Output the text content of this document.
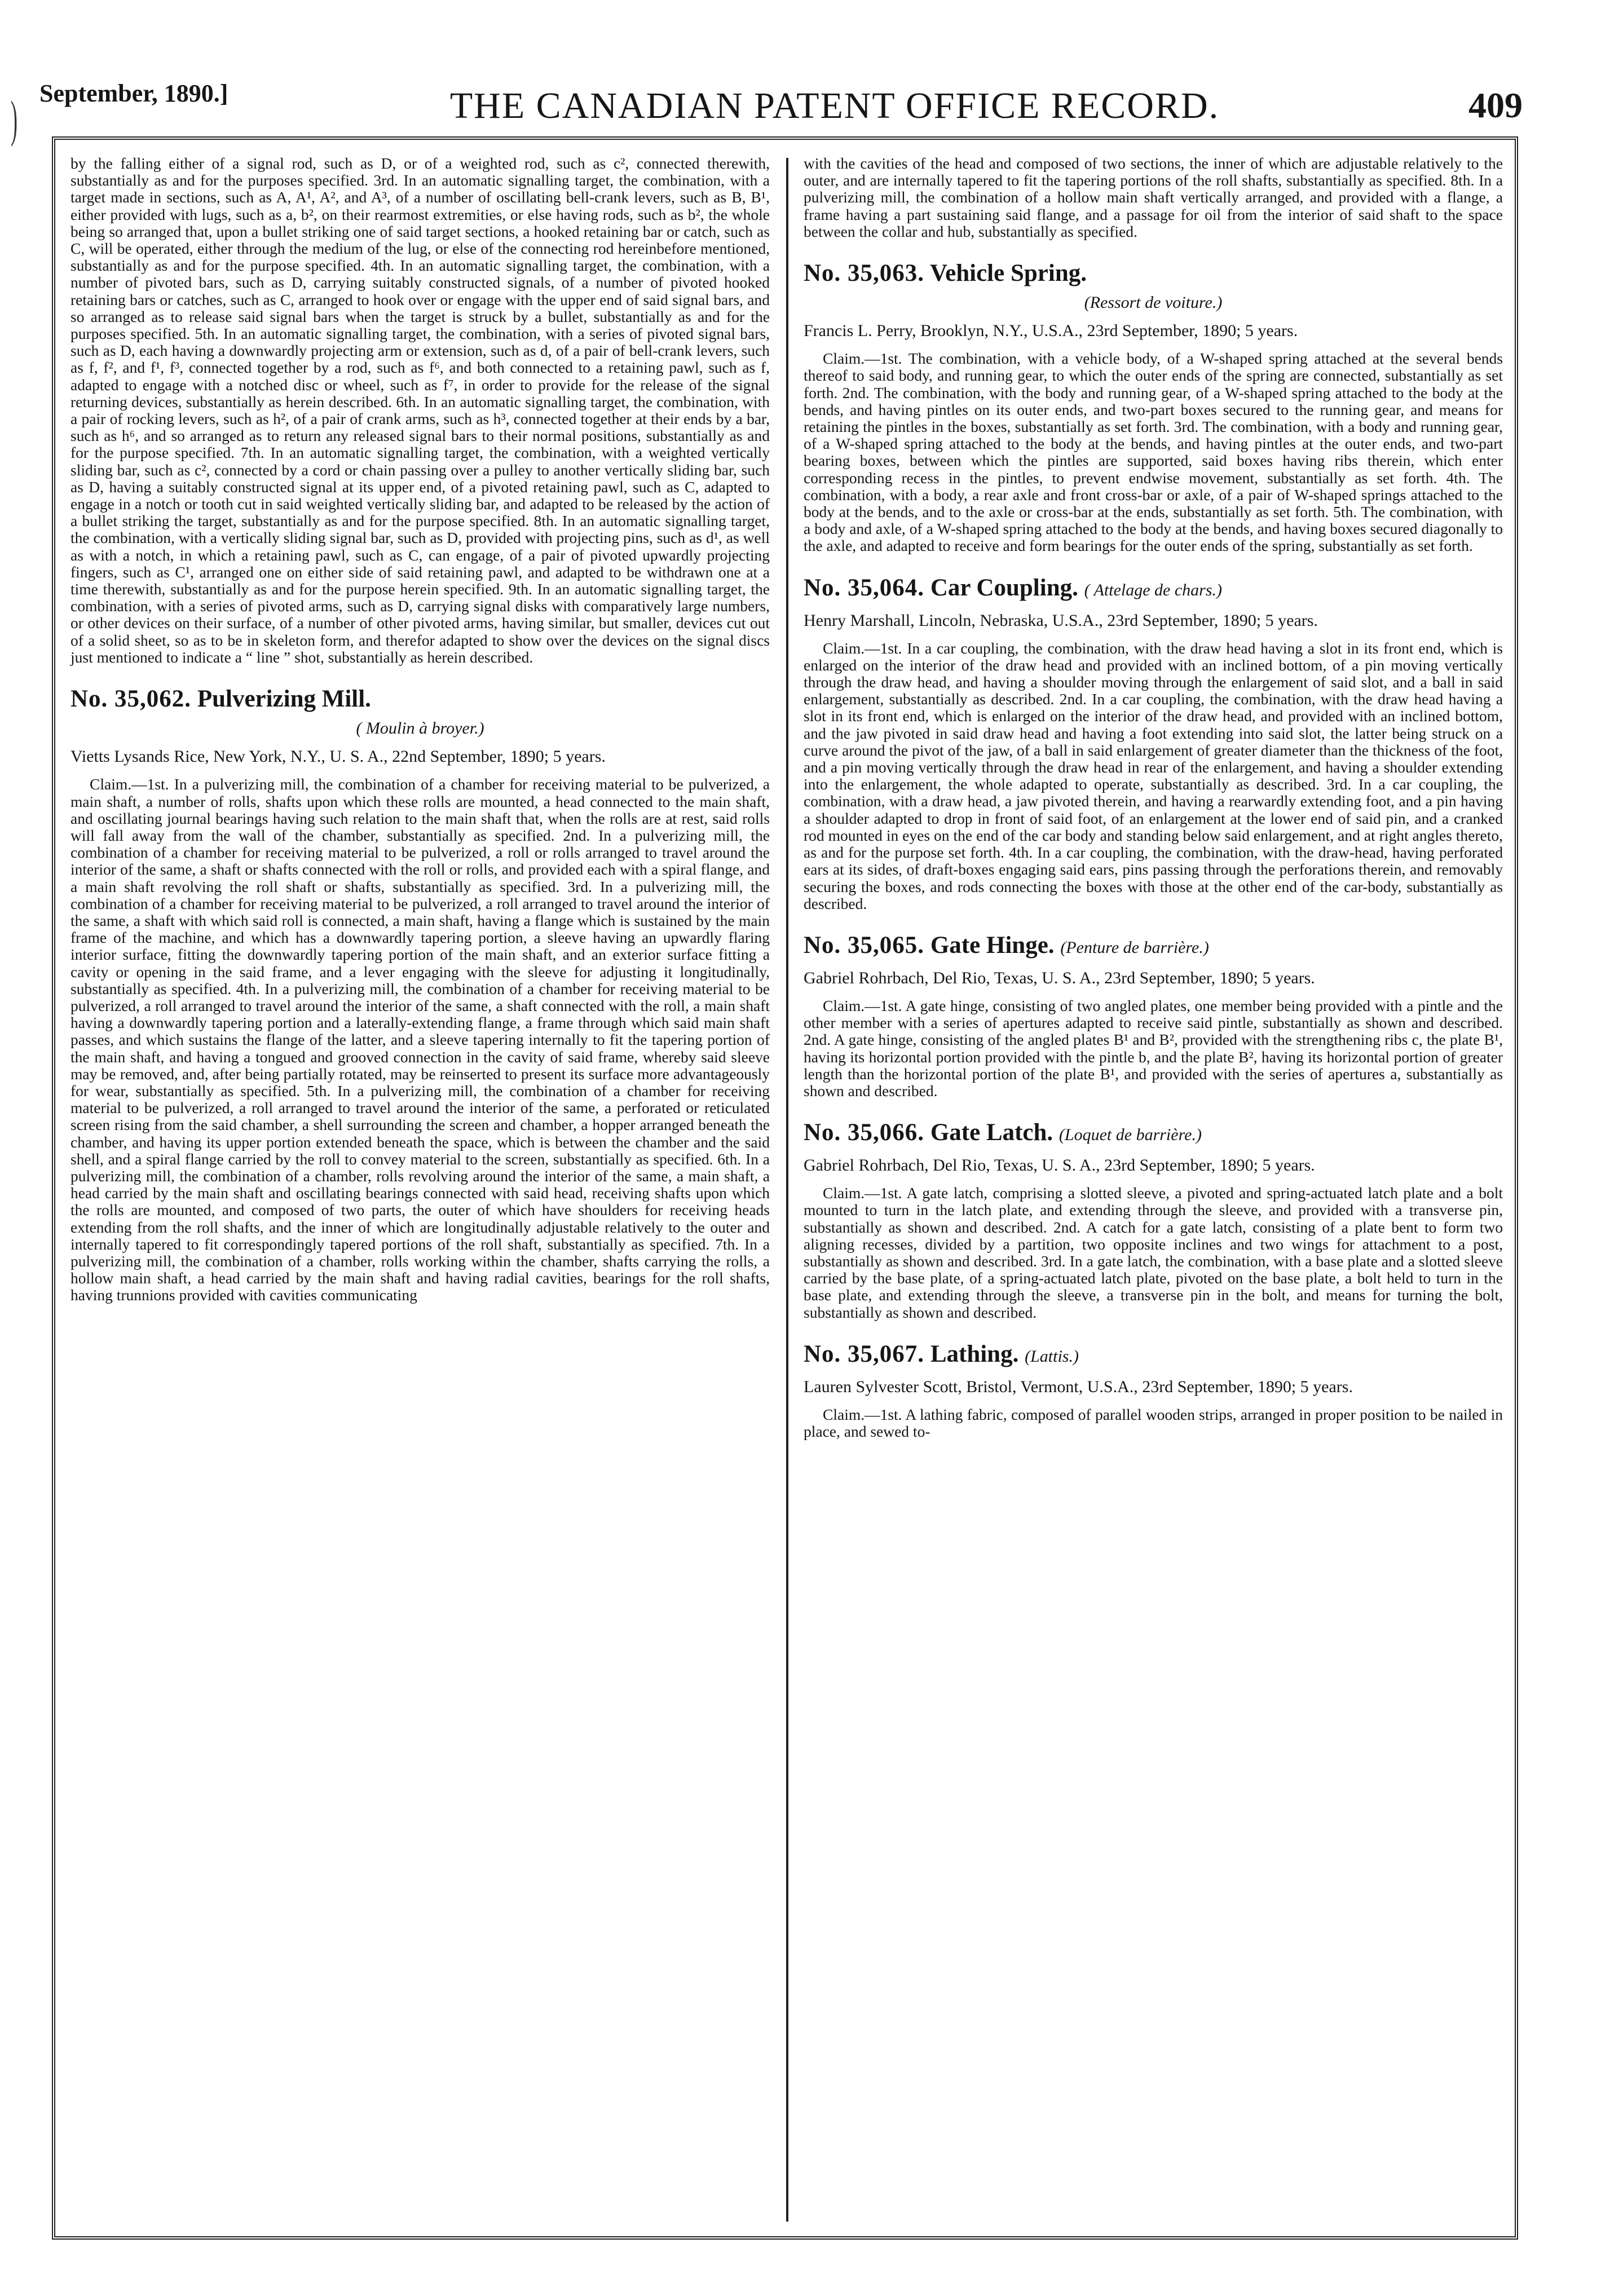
) September, 1890.]	THE CANADIAN PATENT OFFICE RECORD.	409

by the falling either of a signal rod, such as D, or of a weighted rod, such as c², connected therewith, substantially as and for the purposes specified. 3rd. In an automatic signalling target, the combination, with a target made in sections, such as A, A¹, A², and A³, of a number of oscillating bell-crank levers, such as B, B¹, either provided with lugs, such as a, b², on their rearmost extremities, or else having rods, such as b², the whole being so arranged that, upon a bullet striking one of said target sections, a hooked retaining bar or catch, such as C, will be operated, either through the medium of the lug, or else of the connecting rod hereinbefore mentioned, substantially as and for the purpose specified. 4th. In an automatic signalling target, the combination, with a number of pivoted bars, such as D, carrying suitably constructed signals, of a number of pivoted hooked retaining bars or catches, such as C, arranged to hook over or engage with the upper end of said signal bars, and so arranged as to release said signal bars when the target is struck by a bullet, substantially as and for the purposes specified. 5th. In an automatic signalling target, the combination, with a series of pivoted signal bars, such as D, each having a downwardly projecting arm or extension, such as d, of a pair of bell-crank levers, such as f, f², and f¹, f³, connected together by a rod, such as f⁶, and both connected to a retaining pawl, such as f, adapted to engage with a notched disc or wheel, such as f⁷, in order to provide for the release of the signal returning devices, substantially as herein described. 6th. In an automatic signalling target, the combination, with a pair of rocking levers, such as h², of a pair of crank arms, such as h³, connected together at their ends by a bar, such as h⁶, and so arranged as to return any released signal bars to their normal positions, substantially as and for the purpose specified. 7th. In an automatic signalling target, the combination, with a weighted vertically sliding bar, such as c², connected by a cord or chain passing over a pulley to another vertically sliding bar, such as D, having a suitably constructed signal at its upper end, of a pivoted retaining pawl, such as C, adapted to engage in a notch or tooth cut in said weighted vertically sliding bar, and adapted to be released by the action of a bullet striking the target, substantially as and for the purpose specified. 8th. In an automatic signalling target, the combination, with a vertically sliding signal bar, such as D, provided with projecting pins, such as d¹, as well as with a notch, in which a retaining pawl, such as C, can engage, of a pair of pivoted upwardly projecting fingers, such as C¹, arranged one on either side of said retaining pawl, and adapted to be withdrawn one at a time therewith, substantially as and for the purpose herein specified. 9th. In an automatic signalling target, the combination, with a series of pivoted arms, such as D, carrying signal disks with comparatively large numbers, or other devices on their surface, of a number of other pivoted arms, having similar, but smaller, devices cut out of a solid sheet, so as to be in skeleton form, and therefor adapted to show over the devices on the signal discs just mentioned to indicate a “ line ” shot, substantially as herein described.

No. 35,062. Pulverizing Mill.
( Moulin à broyer.)
Vietts Lysands Rice, New York, N.Y., U. S. A., 22nd September, 1890; 5 years.

Claim.—1st. In a pulverizing mill, the combination of a chamber for receiving material to be pulverized, a main shaft, a number of rolls, shafts upon which these rolls are mounted, a head connected to the main shaft, and oscillating journal bearings having such relation to the main shaft that, when the rolls are at rest, said rolls will fall away from the wall of the chamber, substantially as specified. 2nd. In a pulverizing mill, the combination of a chamber for receiving material to be pulverized, a roll or rolls arranged to travel around the interior of the same, a shaft or shafts connected with the roll or rolls, and provided each with a spiral flange, and a main shaft revolving the roll shaft or shafts, substantially as specified. 3rd. In a pulverizing mill, the combination of a chamber for receiving material to be pulverized, a roll arranged to travel around the interior of the same, a shaft with which said roll is connected, a main shaft, having a flange which is sustained by the main frame of the machine, and which has a downwardly tapering portion, a sleeve having an upwardly flaring interior surface, fitting the downwardly tapering portion of the main shaft, and an exterior surface fitting a cavity or opening in the said frame, and a lever engaging with the sleeve for adjusting it longitudinally, substantially as specified. 4th. In a pulverizing mill, the combination of a chamber for receiving material to be pulverized, a roll arranged to travel around the interior of the same, a shaft connected with the roll, a main shaft having a downwardly tapering portion and a laterally-extending flange, a frame through which said main shaft passes, and which sustains the flange of the latter, and a sleeve tapering internally to fit the tapering portion of the main shaft, and having a tongued and grooved connection in the cavity of said frame, whereby said sleeve may be removed, and, after being partially rotated, may be reinserted to present its surface more advantageously for wear, substantially as specified. 5th. In a pulverizing mill, the combination of a chamber for receiving material to be pulverized, a roll arranged to travel around the interior of the same, a perforated or reticulated screen rising from the said chamber, a shell surrounding the screen and chamber, a hopper arranged beneath the chamber, and having its upper portion extended beneath the space, which is between the chamber and the said shell, and a spiral flange carried by the roll to convey material to the screen, substantially as specified. 6th. In a pulverizing mill, the combination of a chamber, rolls revolving around the interior of the same, a main shaft, a head carried by the main shaft and oscillating bearings connected with said head, receiving shafts upon which the rolls are mounted, and composed of two parts, the outer of which have shoulders for receiving heads extending from the roll shafts, and the inner of which are longitudinally adjustable relatively to the outer and internally tapered to fit correspondingly tapered portions of the roll shaft, substantially as specified. 7th. In a pulverizing mill, the combination of a chamber, rolls working within the chamber, shafts carrying the rolls, a hollow main shaft, a head carried by the main shaft and having radial cavities, bearings for the roll shafts, having trunnions provided with cavities communicating

with the cavities of the head and composed of two sections, the inner of which are adjustable relatively to the outer, and are internally tapered to fit the tapering portions of the roll shafts, substantially as specified. 8th. In a pulverizing mill, the combination of a hollow main shaft vertically arranged, and provided with a flange, a frame having a part sustaining said flange, and a passage for oil from the interior of said shaft to the space between the collar and hub, substantially as specified.

No. 35,063. Vehicle Spring.
(Ressort de voiture.)
Francis L. Perry, Brooklyn, N.Y., U.S.A., 23rd September, 1890; 5 years.

Claim.—1st. The combination, with a vehicle body, of a W-shaped spring attached at the several bends thereof to said body, and running gear, to which the outer ends of the spring are connected, substantially as set forth. 2nd. The combination, with the body and running gear, of a W-shaped spring attached to the body at the bends, and having pintles on its outer ends, and two-part boxes secured to the running gear, and means for retaining the pintles in the boxes, substantially as set forth. 3rd. The combination, with a body and running gear, of a W-shaped spring attached to the body at the bends, and having pintles at the outer ends, and two-part bearing boxes, between which the pintles are supported, said boxes having ribs therein, which enter corresponding recess in the pintles, to prevent endwise movement, substantially as set forth. 4th. The combination, with a body, a rear axle and front cross-bar or axle, of a pair of W-shaped springs attached to the body at the bends, and to the axle or cross-bar at the ends, substantially as set forth. 5th. The combination, with a body and axle, of a W-shaped spring attached to the body at the bends, and having boxes secured diagonally to the axle, and adapted to receive and form bearings for the outer ends of the spring, substantially as set forth.

No. 35,064. Car Coupling. ( Attelage de chars.)
Henry Marshall, Lincoln, Nebraska, U.S.A., 23rd September, 1890; 5 years.

Claim.—1st. In a car coupling, the combination, with the draw head having a slot in its front end, which is enlarged on the interior of the draw head and provided with an inclined bottom, of a pin moving vertically through the draw head, and having a shoulder moving through the enlargement of said slot, and a ball in said enlargement, substantially as described. 2nd. In a car coupling, the combination, with the draw head having a slot in its front end, which is enlarged on the interior of the draw head, and provided with an inclined bottom, and the jaw pivoted in said draw head and having a foot extending into said slot, the latter being struck on a curve around the pivot of the jaw, of a ball in said enlargement of greater diameter than the thickness of the foot, and a pin moving vertically through the draw head in rear of the enlargement, and having a shoulder extending into the enlargement, the whole adapted to operate, substantially as described. 3rd. In a car coupling, the combination, with a draw head, a jaw pivoted therein, and having a rearwardly extending foot, and a pin having a shoulder adapted to drop in front of said foot, of an enlargement at the lower end of said pin, and a cranked rod mounted in eyes on the end of the car body and standing below said enlargement, and at right angles thereto, as and for the purpose set forth. 4th. In a car coupling, the combination, with the draw-head, having perforated ears at its sides, of draft-boxes engaging said ears, pins passing through the perforations therein, and removably securing the boxes, and rods connecting the boxes with those at the other end of the car-body, substantially as described.

No. 35,065. Gate Hinge. (Penture de barrière.)
Gabriel Rohrbach, Del Rio, Texas, U. S. A., 23rd September, 1890; 5 years.

Claim.—1st. A gate hinge, consisting of two angled plates, one member being provided with a pintle and the other member with a series of apertures adapted to receive said pintle, substantially as shown and described. 2nd. A gate hinge, consisting of the angled plates B¹ and B², provided with the strengthening ribs c, the plate B¹, having its horizontal portion provided with the pintle b, and the plate B², having its horizontal portion of greater length than the horizontal portion of the plate B¹, and provided with the series of apertures a, substantially as shown and described.

No. 35,066. Gate Latch. (Loquet de barrière.)
Gabriel Rohrbach, Del Rio, Texas, U. S. A., 23rd September, 1890; 5 years.

Claim.—1st. A gate latch, comprising a slotted sleeve, a pivoted and spring-actuated latch plate and a bolt mounted to turn in the latch plate, and extending through the sleeve, and provided with a transverse pin, substantially as shown and described. 2nd. A catch for a gate latch, consisting of a plate bent to form two aligning recesses, divided by a partition, two opposite inclines and two wings for attachment to a post, substantially as shown and described. 3rd. In a gate latch, the combination, with a base plate and a slotted sleeve carried by the base plate, of a spring-actuated latch plate, pivoted on the base plate, a bolt held to turn in the base plate, and extending through the sleeve, a transverse pin in the bolt, and means for turning the bolt, substantially as shown and described.

No. 35,067. Lathing. (Lattis.)
Lauren Sylvester Scott, Bristol, Vermont, U.S.A., 23rd September, 1890; 5 years.

Claim.—1st. A lathing fabric, composed of parallel wooden strips, arranged in proper position to be nailed in place, and sewed to-
